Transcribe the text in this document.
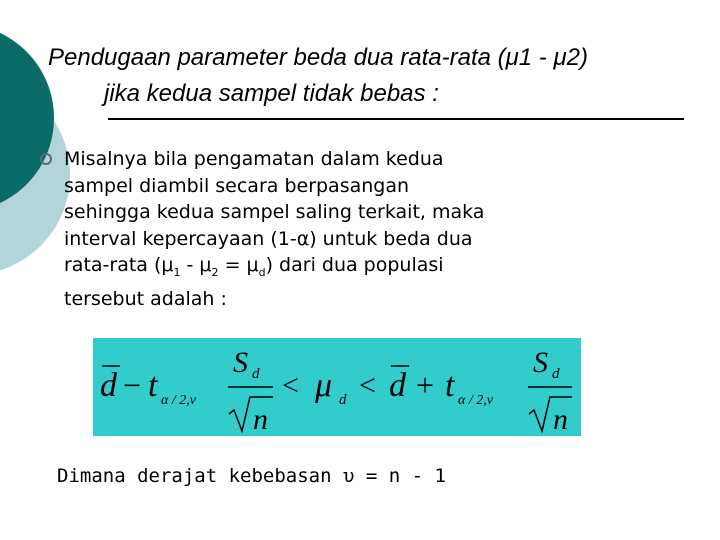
Pendugaan parameter beda dua rata-rata (μ1 - μ2)
jika kedua sampel tidak bebas :
Misalnya bila pengamatan dalam kedua
sampel diambil secara berpasangan
sehingga kedua sampel saling terkait, maka
interval kepercayaan (1-α) untuk beda dua
rata-rata $(\mu_1 - \mu_2 = \mu_d)$ dari dua populasi
tersebut adalah :
d − t α / 2,ν
S d
n
< μ d < d + t α / 2,ν
S d
n
Dimana derajat kebebasan υ = n - 1
